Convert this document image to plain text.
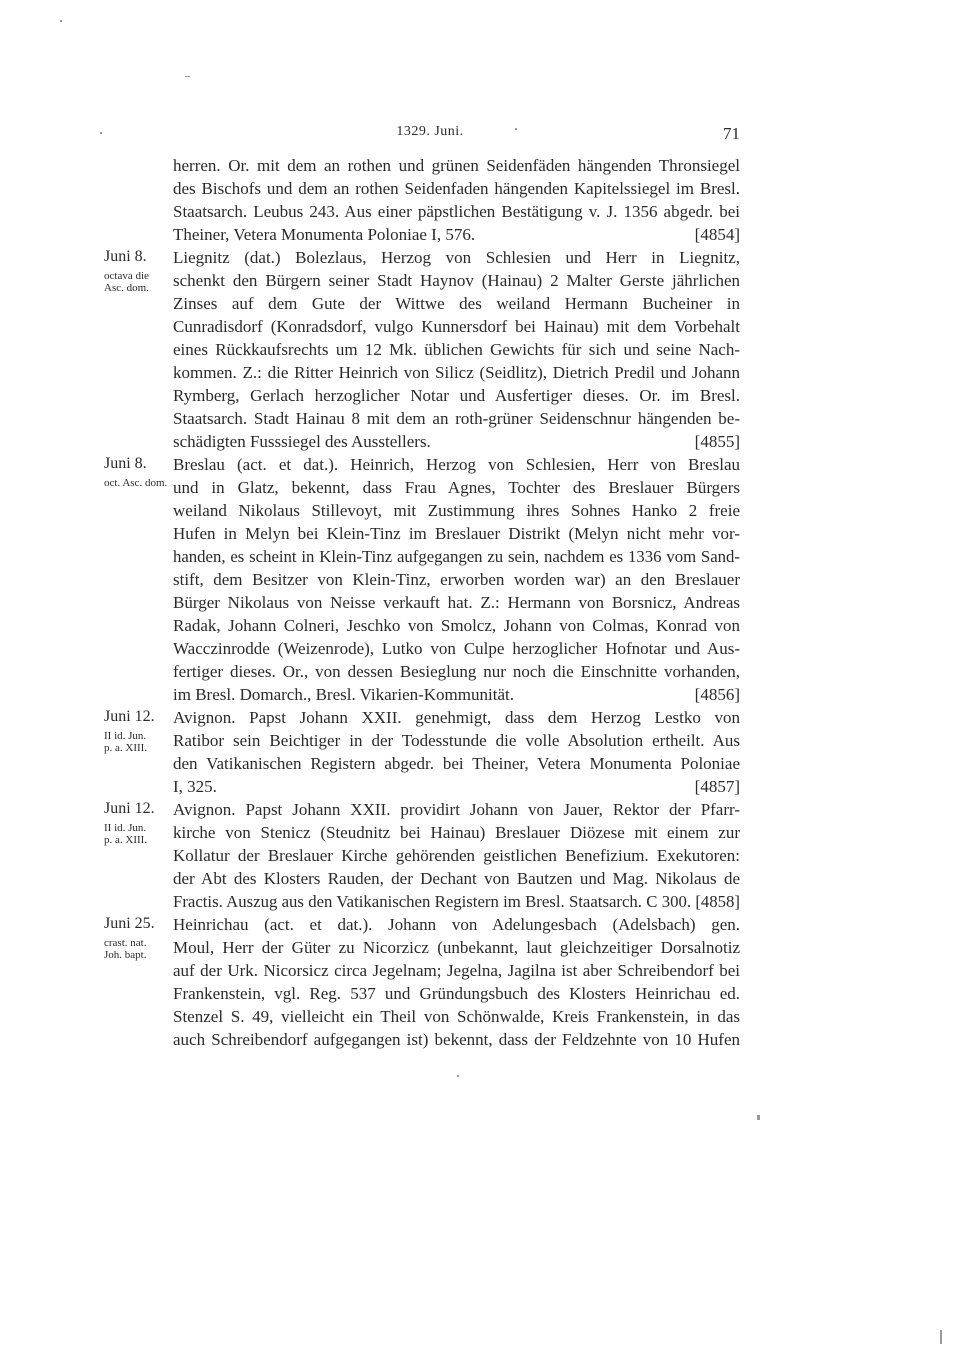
1329. Juni.	71
herren. Or. mit dem an rothen und grünen Seidenfäden hängenden Thronsiegel
des Bischofs und dem an rothen Seidenfaden hängenden Kapitelssiegel im Bresl.
Staatsarch. Leubus 243. Aus einer päpstlichen Bestätigung v. J. 1356 abgedr. bei
Theiner, Vetera Monumenta Poloniae I, 576.	[4854]
Juni 8.
octava die
Asc. dom.
Liegnitz (dat.) Bolezlaus, Herzog von Schlesien und Herr in Liegnitz,
schenkt den Bürgern seiner Stadt Haynov (Hainau) 2 Malter Gerste jährlichen
Zinses auf dem Gute der Wittwe des weiland Hermann Bucheiner in
Cunradisdorf (Konradsdorf, vulgo Kunnersdorf bei Hainau) mit dem Vorbehalt
eines Rückkaufsrechts um 12 Mk. üblichen Gewichts für sich und seine Nach-
kommen. Z.: die Ritter Heinrich von Silicz (Seidlitz), Dietrich Predil und Johann
Rymberg, Gerlach herzoglicher Notar und Ausfertiger dieses. Or. im Bresl.
Staatsarch. Stadt Hainau 8 mit dem an roth-grüner Seidenschnur hängenden be-
schädigten Fusssiegel des Ausstellers.	[4855]
Juni 8.
oct. Asc. dom.
Breslau (act. et dat.). Heinrich, Herzog von Schlesien, Herr von Breslau
und in Glatz, bekennt, dass Frau Agnes, Tochter des Breslauer Bürgers
weiland Nikolaus Stillevoyt, mit Zustimmung ihres Sohnes Hanko 2 freie
Hufen in Melyn bei Klein-Tinz im Breslauer Distrikt (Melyn nicht mehr vor-
handen, es scheint in Klein-Tinz aufgegangen zu sein, nachdem es 1336 vom Sand-
stift, dem Besitzer von Klein-Tinz, erworben worden war) an den Breslauer
Bürger Nikolaus von Neisse verkauft hat. Z.: Hermann von Borsnicz, Andreas
Radak, Johann Colneri, Jeschko von Smolcz, Johann von Colmas, Konrad von
Wacczinrodde (Weizenrode), Lutko von Culpe herzoglicher Hofnotar und Aus-
fertiger dieses. Or., von dessen Besieglung nur noch die Einschnitte vorhanden,
im Bresl. Domarch., Bresl. Vikarien-Kommunität.	[4856]
Juni 12.
II id. Jun.
p. a. XIII.
Avignon. Papst Johann XXII. genehmigt, dass dem Herzog Lestko von
Ratibor sein Beichtiger in der Todesstunde die volle Absolution ertheilt. Aus
den Vatikanischen Registern abgedr. bei Theiner, Vetera Monumenta Poloniae
I, 325.	[4857]
Juni 12.
II id. Jun.
p. a. XIII.
Avignon. Papst Johann XXII. providirt Johann von Jauer, Rektor der Pfarr-
kirche von Stenicz (Steudnitz bei Hainau) Breslauer Diözese mit einem zur
Kollatur der Breslauer Kirche gehörenden geistlichen Benefizium. Exekutoren:
der Abt des Klosters Rauden, der Dechant von Bautzen und Mag. Nikolaus de
Fractis. Auszug aus den Vatikanischen Registern im Bresl. Staatsarch. C 300. [4858]
Juni 25.
crast. nat.
Joh. bapt.
Heinrichau (act. et dat.). Johann von Adelungesbach (Adelsbach) gen.
Moul, Herr der Güter zu Nicorzicz (unbekannt, laut gleichzeitiger Dorsalnotiz
auf der Urk. Nicorsicz circa Jegelnam; Jegelna, Jagilna ist aber Schreibendorf bei
Frankenstein, vgl. Reg. 537 und Gründungsbuch des Klosters Heinrichau ed.
Stenzel S. 49, vielleicht ein Theil von Schönwalde, Kreis Frankenstein, in das
auch Schreibendorf aufgegangen ist) bekennt, dass der Feldzehnte von 10 Hufen
